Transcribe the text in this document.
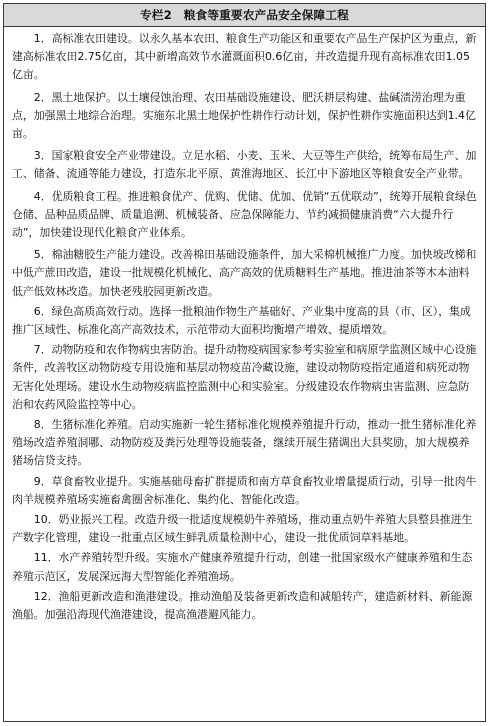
专栏2　粮食等重要农产品安全保障工程

1．高标准农田建设。以永久基本农田、粮食生产功能区和重要农产品生产保护区为重点，新建高标准农田2.75亿亩，其中新增高效节水灌溉面积0.6亿亩，并改造提升现有高标准农田1.05亿亩。

2．黑土地保护。以土壤侵蚀治理、农田基础设施建设、肥沃耕层构建、盐碱渍涝治理为重点，加强黑土地综合治理。实施东北黑土地保护性耕作行动计划，保护性耕作实施面积达到1.4亿亩。

3．国家粮食安全产业带建设。立足水稻、小麦、玉米、大豆等生产供给，统筹布局生产、加工、储备、流通等能力建设，打造东北平原、黄淮海地区、长江中下游地区等粮食安全产业带。

4．优质粮食工程。推进粮食优产、优购、优储、优加、优销“五优联动”，统筹开展粮食绿色仓储、品种品质品牌、质量追溯、机械装备、应急保障能力、节约减损健康消费“六大提升行动”，加快建设现代化粮食产业体系。

5．棉油糖胶生产能力建设。改善棉田基础设施条件，加大采棉机械推广力度。加快坡改梯和中低产蔗田改造，建设一批规模化机械化、高产高效的优质糖料生产基地。推进油茶等木本油料低产低效林改造。加快老残胶园更新改造。

6．绿色高质高效行动。选择一批粮油作物生产基础好、产业集中度高的县（市、区），集成推广区域性、标准化高产高效技术，示范带动大面积均衡增产增效、提质增效。

7．动物防疫和农作物病虫害防治。提升动物疫病国家参考实验室和病原学监测区域中心设施条件，改善牧区动物防疫专用设施和基层动物疫苗冷藏设施，建设动物防疫指定通道和病死动物无害化处理场。建设水生动物疫病监控监测中心和实验室。分级建设农作物病虫害监测、应急防治和农药风险监控等中心。

8．生猪标准化养殖。启动实施新一轮生猪标准化规模养殖提升行动，推动一批生猪标准化养殖场改造养殖洞哪、动物防疫及粪污处理等设施装备，继续开展生猪调出大县奖励，加大规模养猪场信贷支持。

9．草食畜牧业提升。实施基础母畜扩群提质和南方草食畜牧业增量提质行动，引导一批肉牛肉羊规模养殖场实施畜禽圈舍标准化、集约化、智能化改造。

10．奶业振兴工程。改造升级一批适度规模奶牛养殖场，推动重点奶牛养殖大县整县推进生产数字化管理，建设一批重点区域生鲜乳质量检测中心，建设一批优质饲草料基地。

11．水产养殖转型升级。实施水产健康养殖提升行动，创建一批国家级水产健康养殖和生态养殖示范区，发展深远海大型智能化养殖渔场。

12．渔船更新改造和渔港建设。推动渔船及装备更新改造和减船转产，建造新材料、新能源渔船。加强沿海现代渔港建设，提高渔港避风能力。
